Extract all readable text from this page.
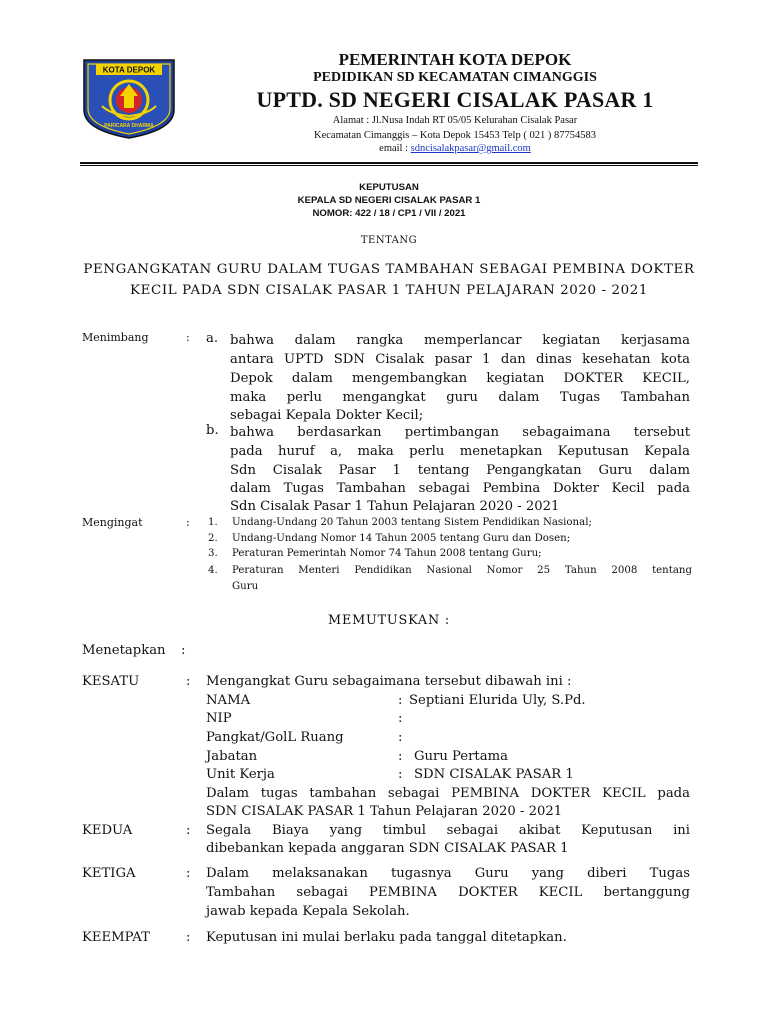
KOTA DEPOK
PARICARA DHARMA
PEMERINTAH KOTA DEPOK
PEDIDIKAN SD KECAMATAN CIMANGGIS
UPTD. SD NEGERI CISALAK PASAR 1
Alamat : Jl.Nusa Indah RT 05/05 Kelurahan Cisalak Pasar
Kecamatan Cimanggis – Kota Depok 15453 Telp ( 021 ) 87754583
email : sdncisalakpasar@gmail.com
KEPUTUSAN
KEPALA SD NEGERI CISALAK PASAR 1
NOMOR: 422 / 18 / CP1 / VII / 2021
TENTANG
PENGANGKATAN GURU DALAM TUGAS TAMBAHAN SEBAGAI PEMBINA DOKTER
KECIL PADA SDN CISALAK PASAR 1 TAHUN PELAJARAN 2020 - 2021
Menimbang	: a. bahwa dalam rangka memperlancar kegiatan kerjasama
antara UPTD SDN Cisalak pasar 1 dan dinas kesehatan kota
Depok dalam mengembangkan kegiatan DOKTER KECIL,
maka perlu mengangkat guru dalam Tugas Tambahan
sebagai Kepala Dokter Kecil;
b. bahwa berdasarkan pertimbangan sebagaimana tersebut
pada huruf a, maka perlu menetapkan Keputusan Kepala
Sdn Cisalak Pasar 1 tentang Pengangkatan Guru dalam
dalam Tugas Tambahan sebagai Pembina Dokter Kecil pada
Sdn Cisalak Pasar 1 Tahun Pelajaran 2020 - 2021
Mengingat	: 1. Undang-Undang 20 Tahun 2003 tentang Sistem Pendidikan Nasional;
2. Undang-Undang Nomor 14 Tahun 2005 tentang Guru dan Dosen;
3. Peraturan Pemerintah Nomor 74 Tahun 2008 tentang Guru;
4. Peraturan Menteri Pendidikan Nasional Nomor 25 Tahun 2008 tentang
Guru
MEMUTUSKAN :
Menetapkan :
KESATU	: Mengangkat Guru sebagaimana tersebut dibawah ini :
NAMA	: Septiani Elurida Uly, S.Pd.
NIP	:
Pangkat/GolL Ruang	:
Jabatan	: Guru Pertama
Unit Kerja	: SDN CISALAK PASAR 1
Dalam tugas tambahan sebagai PEMBINA DOKTER KECIL pada
SDN CISALAK PASAR 1 Tahun Pelajaran 2020 - 2021
KEDUA	: Segala Biaya yang timbul sebagai akibat Keputusan ini
dibebankan kepada anggaran SDN CISALAK PASAR 1
KETIGA	: Dalam melaksanakan tugasnya Guru yang diberi Tugas
Tambahan sebagai PEMBINA DOKTER KECIL bertanggung
jawab kepada Kepala Sekolah.
KEEMPAT	: Keputusan ini mulai berlaku pada tanggal ditetapkan.
